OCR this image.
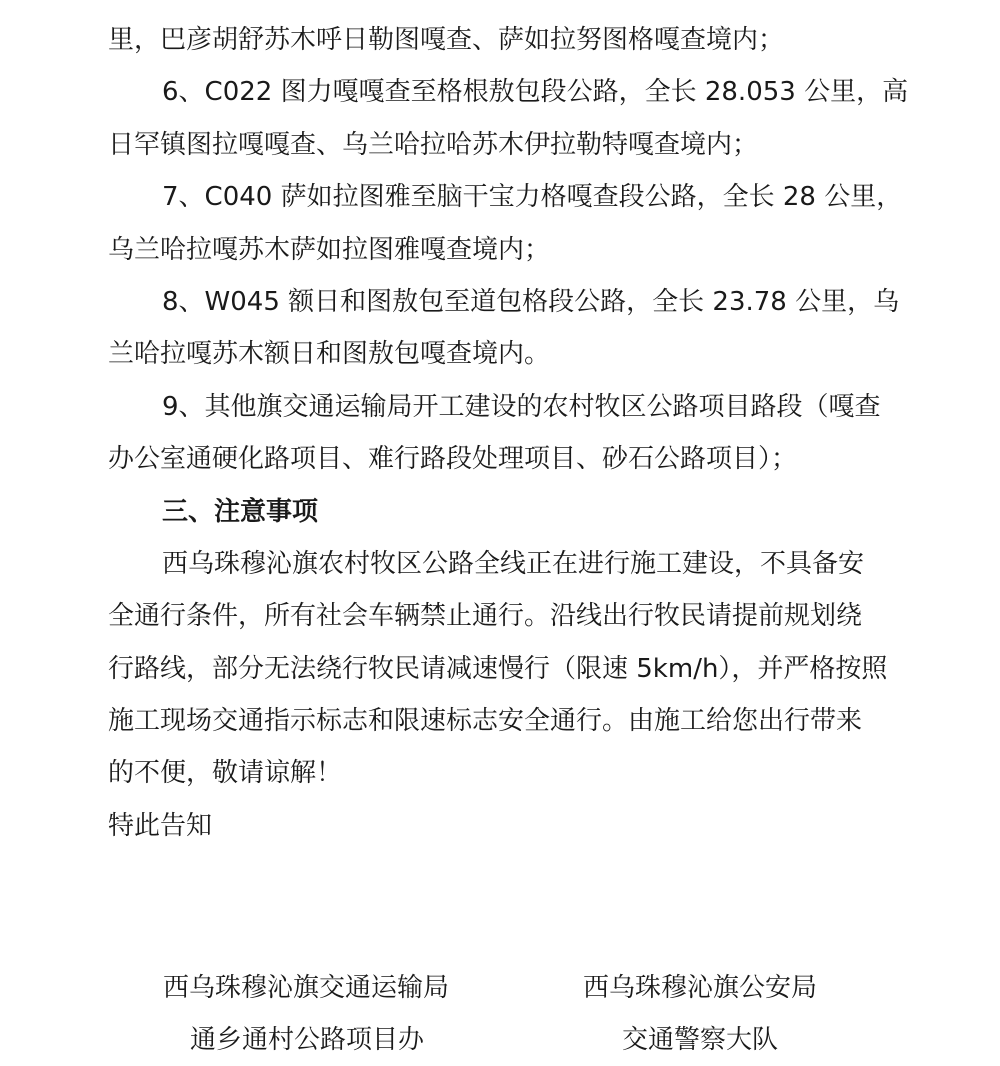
里，巴彦胡舒苏木呼日勒图嘎查、萨如拉努图格嘎查境内；
6、C022 图力嘎嘎查至格根敖包段公路，全长 28.053 公里，高
日罕镇图拉嘎嘎查、乌兰哈拉哈苏木伊拉勒特嘎查境内；
7、C040 萨如拉图雅至脑干宝力格嘎查段公路，全长 28 公里，
乌兰哈拉嘎苏木萨如拉图雅嘎查境内；
8、W045 额日和图敖包至道包格段公路，全长 23.78 公里，乌
兰哈拉嘎苏木额日和图敖包嘎查境内。
9、其他旗交通运输局开工建设的农村牧区公路项目路段（嘎查
办公室通硬化路项目、难行路段处理项目、砂石公路项目）；
三、注意事项
西乌珠穆沁旗农村牧区公路全线正在进行施工建设，不具备安
全通行条件，所有社会车辆禁止通行。沿线出行牧民请提前规划绕
行路线，部分无法绕行牧民请减速慢行（限速 5km/h），并严格按照
施工现场交通指示标志和限速标志安全通行。由施工给您出行带来
的不便，敬请谅解！
特此告知
西乌珠穆沁旗交通运输局
通乡通村公路项目办
西乌珠穆沁旗公安局
交通警察大队
